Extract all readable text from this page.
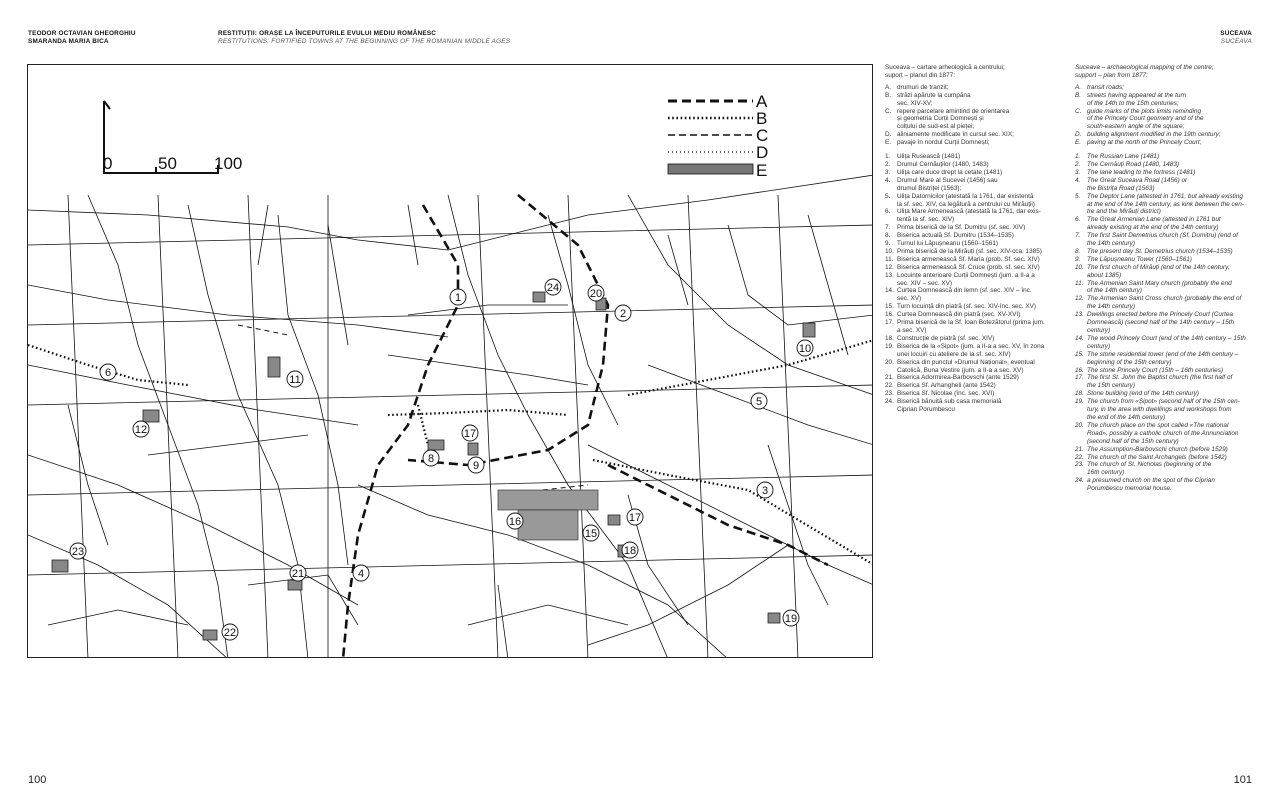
TEODOR OCTAVIAN GHEORGHIU
SMARANDA MARIA BICA
RESTITUȚII: ORAȘE LA ÎNCEPUTURILE EVULUI MEDIU ROMÂNESC
RESTITUTIONS: FORTIFIED TOWNS AT THE BEGINNING OF THE ROMANIAN MIDDLE AGES
SUCEAVA
SUCEAVA
0	50 100
A
B
C
D
E
1
2
3
4
5
6
8
10
11
12
15
16
17
17
18
19
20
21
22
23
24
9
Suceava – cartare arheologică a centrului;
suport – planul din 1877:
A. drumuri de tranzit;
B. străzi apărute la cumpăna
sec. XIV-XV;
C. repere parcelare amintind de orientarea
și geometria Curții Domnești și
colțului de sud-est al pieței;
D. aliniamente modificate în cursul sec. XIX;
E. pavaje în nordul Curții Domnești;
1.	Ulița Rusească (1481)
2.	Drumul Cernăuților (1480, 1483)
3.	Ulița care duce drept la cetate (1481)
4.	Drumul Mare al Sucevei (1456) sau
drumul Bistriței (1563);
5.	Ulița Datornicilor (atestată la 1761, dar existentă
la sf. sec. XIV, ca legătură a centrului cu Mirăuții)
6.	Ulița Mare Armenească (atestată la 1761, dar exis-
tentă la sf. sec. XIV)
7.	Prima biserică de la Sf. Dumitru (sf. sec. XIV)
8.	Biserica actuală Sf. Dumitru (1534–1535)
9.	Turnul lui Lăpușneanu (1560–1561)
10. Prima biserică de la Mirăuți (sf. sec. XIV-cca. 1385)
11. Biserica armenească Sf. Maria (prob. Sf. sec. XIV)
12. Biserica armenească Sf. Cruce (prob. sf. sec. XIV)
13. Locuințe anterioare Curții Domnești (jum. a II-a a
sec. XIV – sec. XV)
14. Curtea Domnească din lemn (sf. sec. XIV – înc.
sec. XV)
15. Turn locuință din piatră (sf. sec. XIV-înc. sec. XV)
16. Curtea Domnească din piatră (sec. XV-XVI)
17. Prima biserică de la Sf. Ioan Botezătorul (prima jum.
a sec. XV)
18. Construcție de piatră (sf. sec. XIV)
19. Biserica de la «Șipot» (jum. a II-a a sec. XV, în zona
unei locuiri cu ateliere de la sf. sec. XIV)
20. Biserica din punctul «Drumul Național», eventual
Catolică, Buna Vestire (jum. a II-a a sec. XV)
21. Biserica Adormirea-Barbovschi (ante 1529)
22. Biserica Sf. Arhangheli (ante 1542)
23. Biserica Sf. Nicolae (înc. sec. XVI)
24. Biserică bănuită sub casa memorială
Ciprian Porumbescu
Suceava – archaeological mapping of the centre;
support – plan from 1877:
A. transit roads;
B. streets having appeared at the turn
of the 14th to the 15th centuries;
C. guide marks of the plots limits reminding
of the Princely Court geometry and of the
south-eastern angle of the square;
D. building alignment modified in the 19th century;
E. paving at the north of the Princely Court;
1.	The Russian Lane (1481)
2.	The Cernăuți Road (1480, 1483)
3.	The lane leading to the fortress (1481)
4.	The Great Suceava Road (1456) or
the Bistrița Road (1563)
5.	The Deptor Lane (attested in 1761, but already existing
at the end of the 14th century, as kink between the cen-
tre and the Mirăuți district)
6.	The Great Armenian Lane (attested in 1761 but
already existing at the end of the 14th century)
7.	The first Saint Demetrius church (Sf. Dumitru) (end of
the 14th century)
8.	The present day St. Demetrius church (1534–1535)
9.	The Lăpușneanu Tower (1560–1561)
10. The first church of Mirăuți (end of the 14th century,
about 1385)
11. The Armenian Saint Mary church (probably the end
of the 14th century)
12. The Armenian Saint Cross church (probably the end of
the 14th century)
13. Dwellings erected before the Princely Court (Curtea
Domnească) (second half of the 14th century – 15th
century)
14. The wood Princely Court (end of the 14th century – 15th
century)
15. The stone residential tower (end of the 14th century –
beginning of the 15th century)
16. The stone Princely Court (15th – 16th centuries)
17. The first St. John the Baptist church (the first half of
the 15th century)
18. Stone building (end of the 14th century)
19. The church from «Șipot» (second half of the 15th cen-
tury, in the area with dwellings and workshops from
the end of the 14th century)
20. The church place on the spot called «The national
Road», possibly a catholic church of the Annunciation
(second half of the 15th century)
21. The Assumption-Barbovschi church (before 1529)
22. The church of the Saint Archangels (before 1542)
23. The church of St. Nicholas (beginning of the
16th century)
24. a presumed church on the spot of the Ciprian
Porumbescu memorial house.
100	101
